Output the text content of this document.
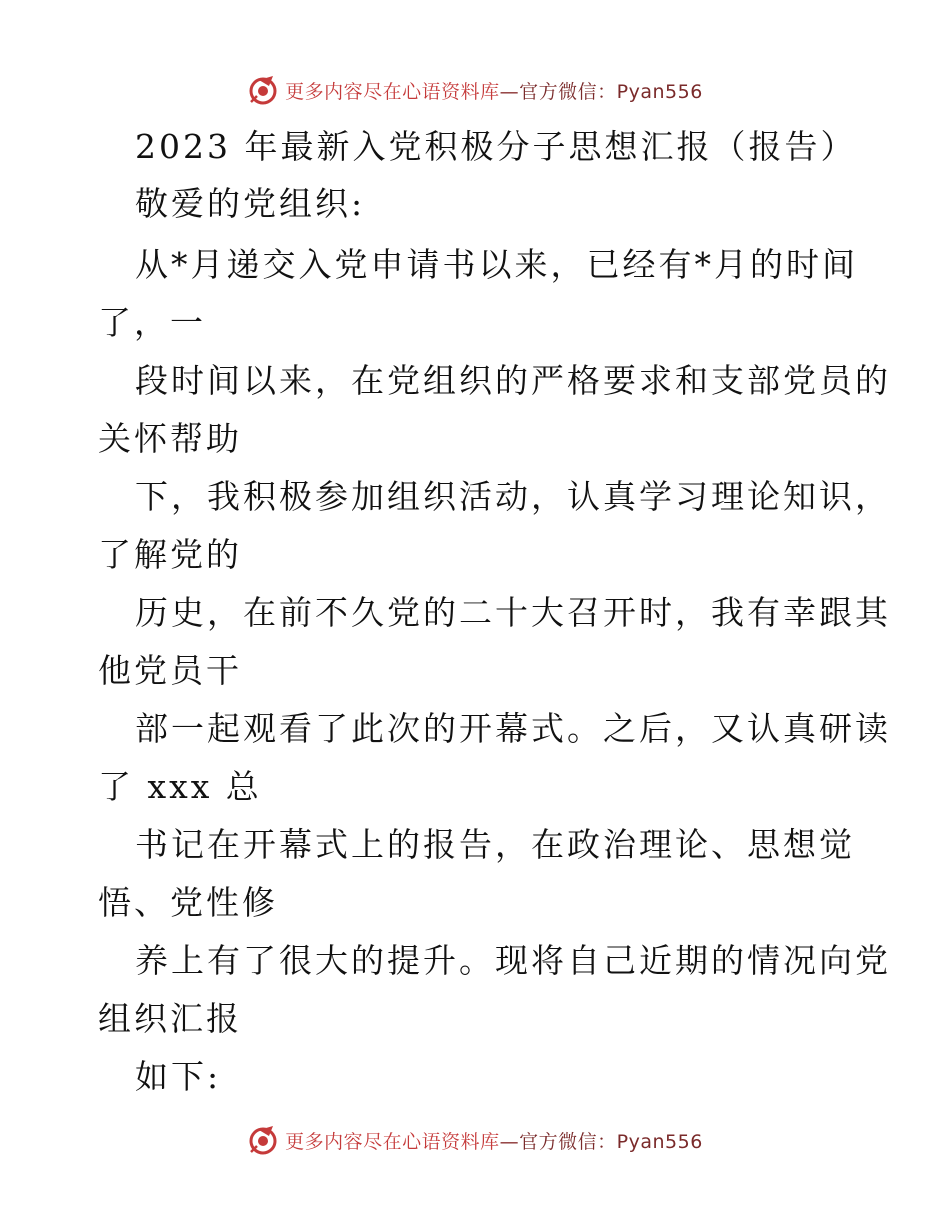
更多内容尽在心语资料库—官方微信：Pyan556
2023 年最新入党积极分子思想汇报（报告）
敬爱的党组织:
从*月递交入党申请书以来，已经有*月的时间
了，一
段时间以来，在党组织的严格要求和支部党员的
关怀帮助
下，我积极参加组织活动，认真学习理论知识，
了解党的
历史，在前不久党的二十大召开时，我有幸跟其
他党员干
部一起观看了此次的开幕式。之后，又认真研读
了 xxx 总
书记在开幕式上的报告，在政治理论、思想觉
悟、党性修
养上有了很大的提升。现将自己近期的情况向党
组织汇报
如下:
更多内容尽在心语资料库—官方微信：Pyan556
